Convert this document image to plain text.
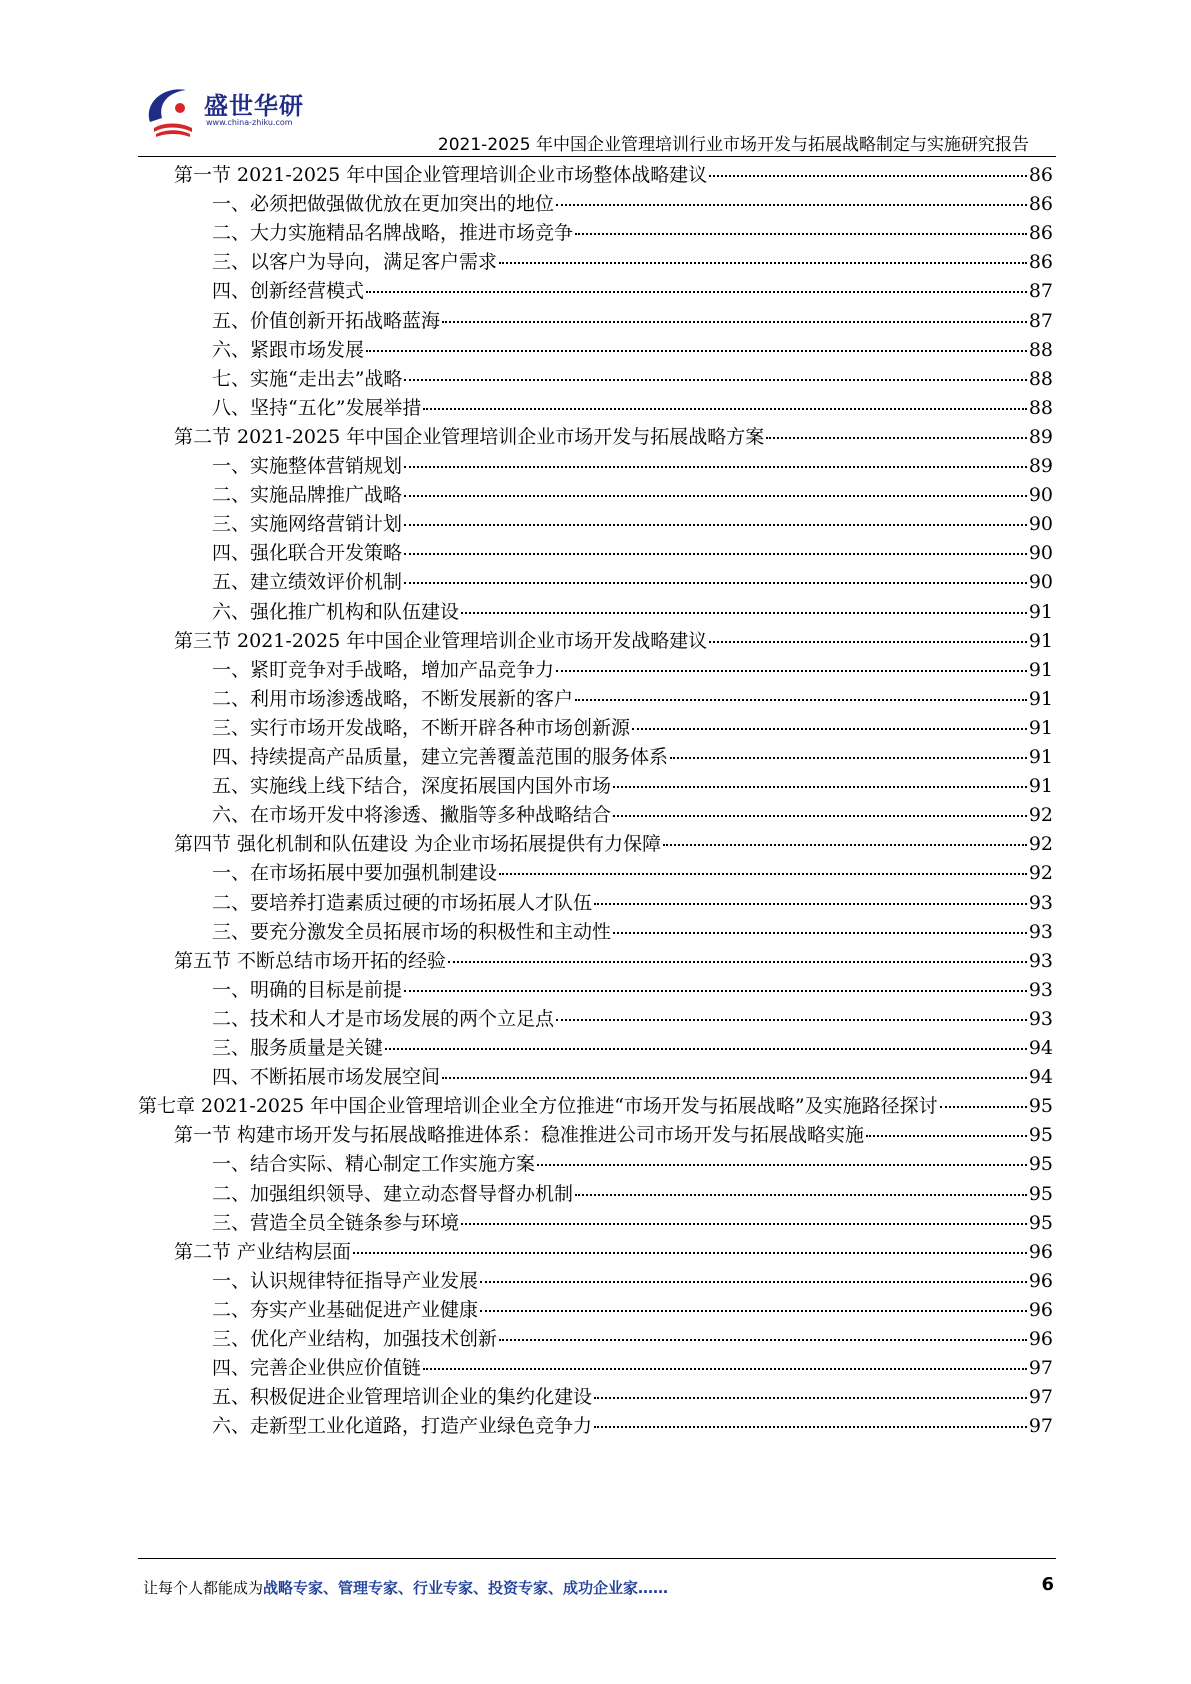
盛世华研
www.china-zhiku.com
2021-2025 年中国企业管理培训行业市场开发与拓展战略制定与实施研究报告
第一节 2021-2025 年中国企业管理培训企业市场整体战略建议	86
一、必须把做强做优放在更加突出的地位	86
二、大力实施精品名牌战略，推进市场竞争	86
三、以客户为导向，满足客户需求	86
四、创新经营模式	87
五、价值创新开拓战略蓝海	87
六、紧跟市场发展	88
七、实施“走出去”战略	88
八、坚持“五化”发展举措	88
第二节 2021-2025 年中国企业管理培训企业市场开发与拓展战略方案	89
一、实施整体营销规划	89
二、实施品牌推广战略	90
三、实施网络营销计划	90
四、强化联合开发策略	90
五、建立绩效评价机制	90
六、强化推广机构和队伍建设	91
第三节 2021-2025 年中国企业管理培训企业市场开发战略建议	91
一、紧盯竞争对手战略，增加产品竞争力	91
二、利用市场渗透战略，不断发展新的客户	91
三、实行市场开发战略，不断开辟各种市场创新源	91
四、持续提高产品质量，建立完善覆盖范围的服务体系	91
五、实施线上线下结合，深度拓展国内国外市场	91
六、在市场开发中将渗透、撇脂等多种战略结合	92
第四节 强化机制和队伍建设 为企业市场拓展提供有力保障	92
一、在市场拓展中要加强机制建设	92
二、要培养打造素质过硬的市场拓展人才队伍	93
三、要充分激发全员拓展市场的积极性和主动性	93
第五节 不断总结市场开拓的经验	93
一、明确的目标是前提	93
二、技术和人才是市场发展的两个立足点	93
三、服务质量是关键	94
四、不断拓展市场发展空间	94
第七章 2021-2025 年中国企业管理培训企业全方位推进“市场开发与拓展战略”及实施路径探讨	95
第一节 构建市场开发与拓展战略推进体系：稳准推进公司市场开发与拓展战略实施	95
一、结合实际、精心制定工作实施方案	95
二、加强组织领导、建立动态督导督办机制	95
三、营造全员全链条参与环境	95
第二节 产业结构层面	96
一、认识规律特征指导产业发展	96
二、夯实产业基础促进产业健康	96
三、优化产业结构，加强技术创新	96
四、完善企业供应价值链	97
五、积极促进企业管理培训企业的集约化建设	97
六、走新型工业化道路，打造产业绿色竞争力	97
让每个人都能成为战略专家、管理专家、行业专家、投资专家、成功企业家……	6
